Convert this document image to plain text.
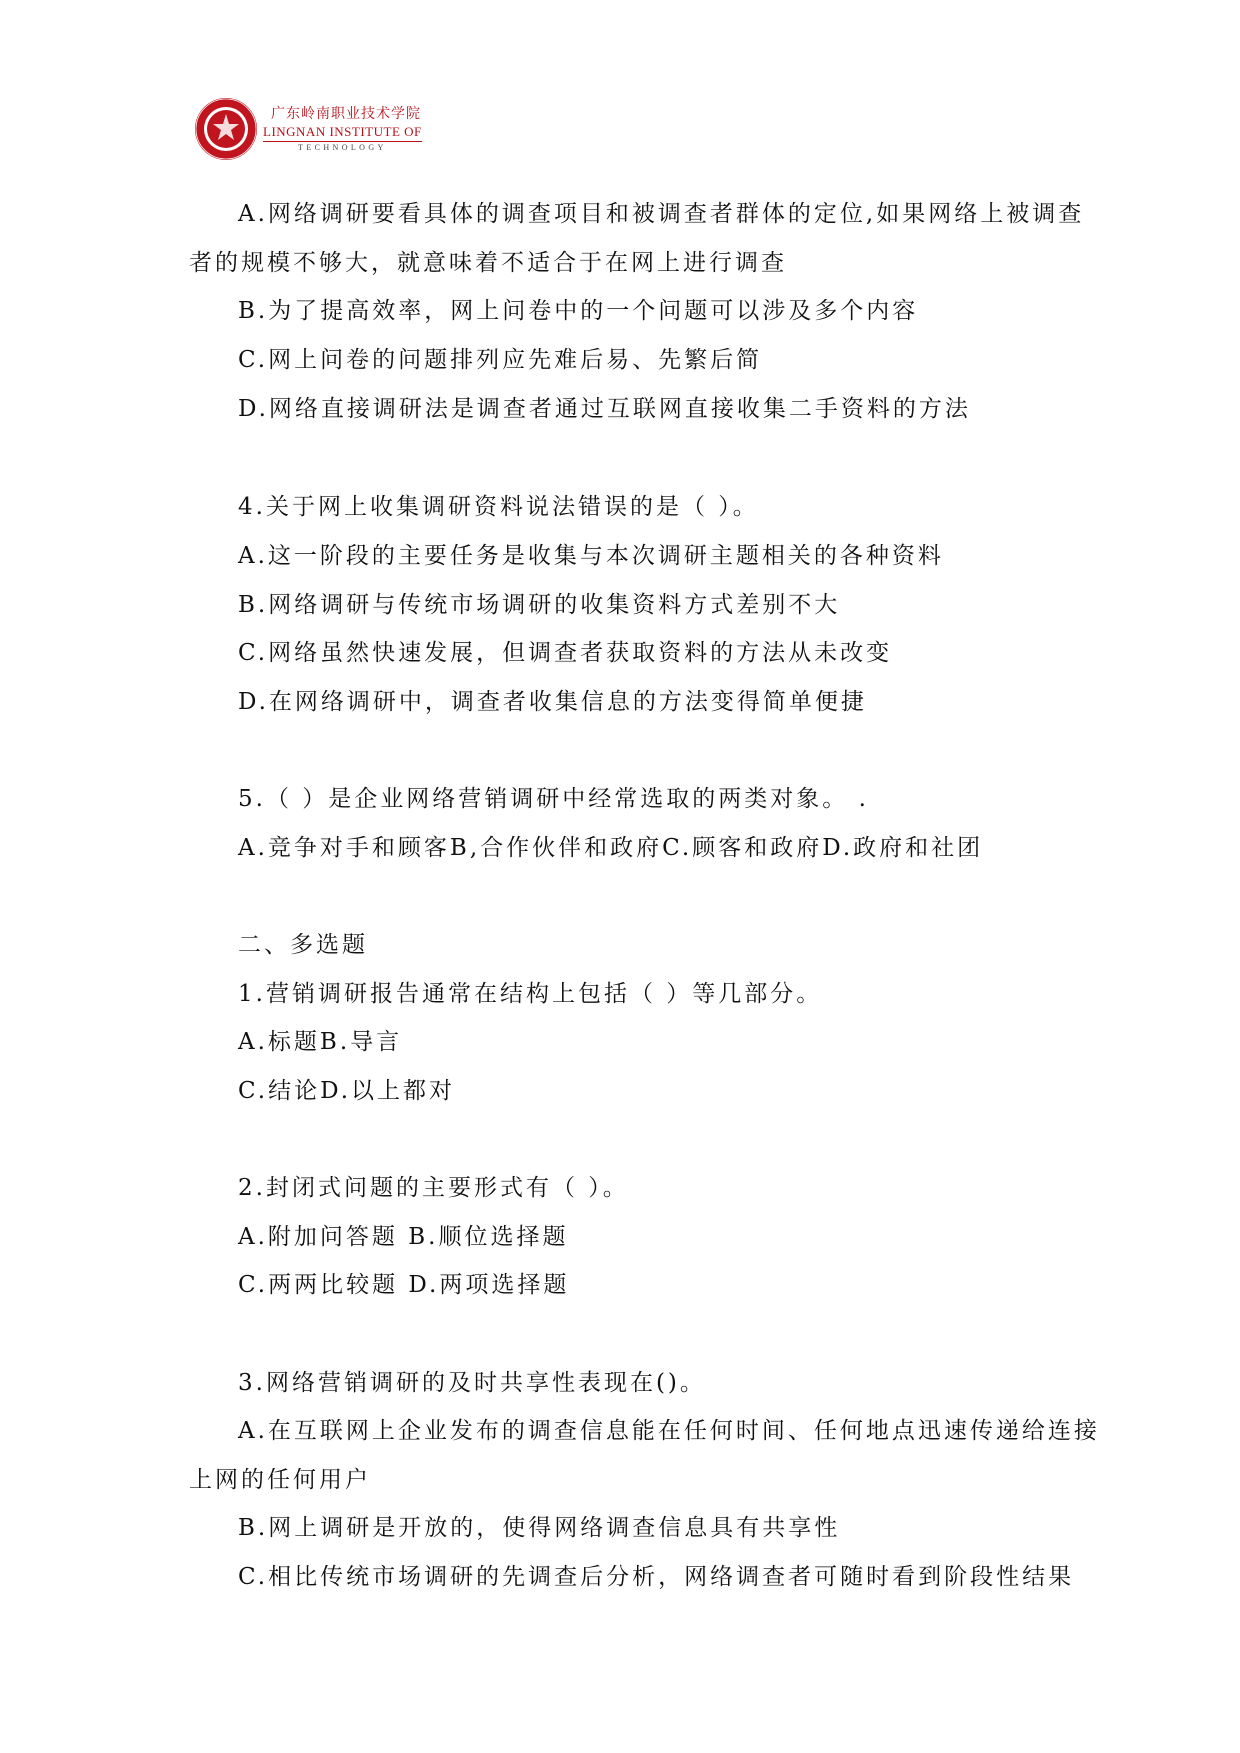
广东岭南职业技术学院
LINGNAN INSTITUTE OF
TECHNOLOGY
A.网络调研要看具体的调查项目和被调查者群体的定位,如果网络上被调查
者的规模不够大，就意味着不适合于在网上进行调查
B.为了提高效率，网上问卷中的一个问题可以涉及多个内容
C.网上问卷的问题排列应先难后易、先繁后简
D.网络直接调研法是调查者通过互联网直接收集二手资料的方法
4.关于网上收集调研资料说法错误的是（ ）。
A.这一阶段的主要任务是收集与本次调研主题相关的各种资料
B.网络调研与传统市场调研的收集资料方式差别不大
C.网络虽然快速发展，但调查者获取资料的方法从未改变
D.在网络调研中，调查者收集信息的方法变得简单便捷
5.（ ）是企业网络营销调研中经常选取的两类对象。 .
A.竞争对手和顾客B,合作伙伴和政府C.顾客和政府D.政府和社团
二、多选题
1.营销调研报告通常在结构上包括（ ）等几部分。
A.标题B.导言
C.结论D.以上都对
2.封闭式问题的主要形式有（ ）。
A.附加问答题 B.顺位选择题
C.两两比较题 D.两项选择题
3.网络营销调研的及时共享性表现在()。
A.在互联网上企业发布的调查信息能在任何时间、任何地点迅速传递给连接
上网的任何用户
B.网上调研是开放的，使得网络调查信息具有共享性
C.相比传统市场调研的先调查后分析，网络调查者可随时看到阶段性结果
